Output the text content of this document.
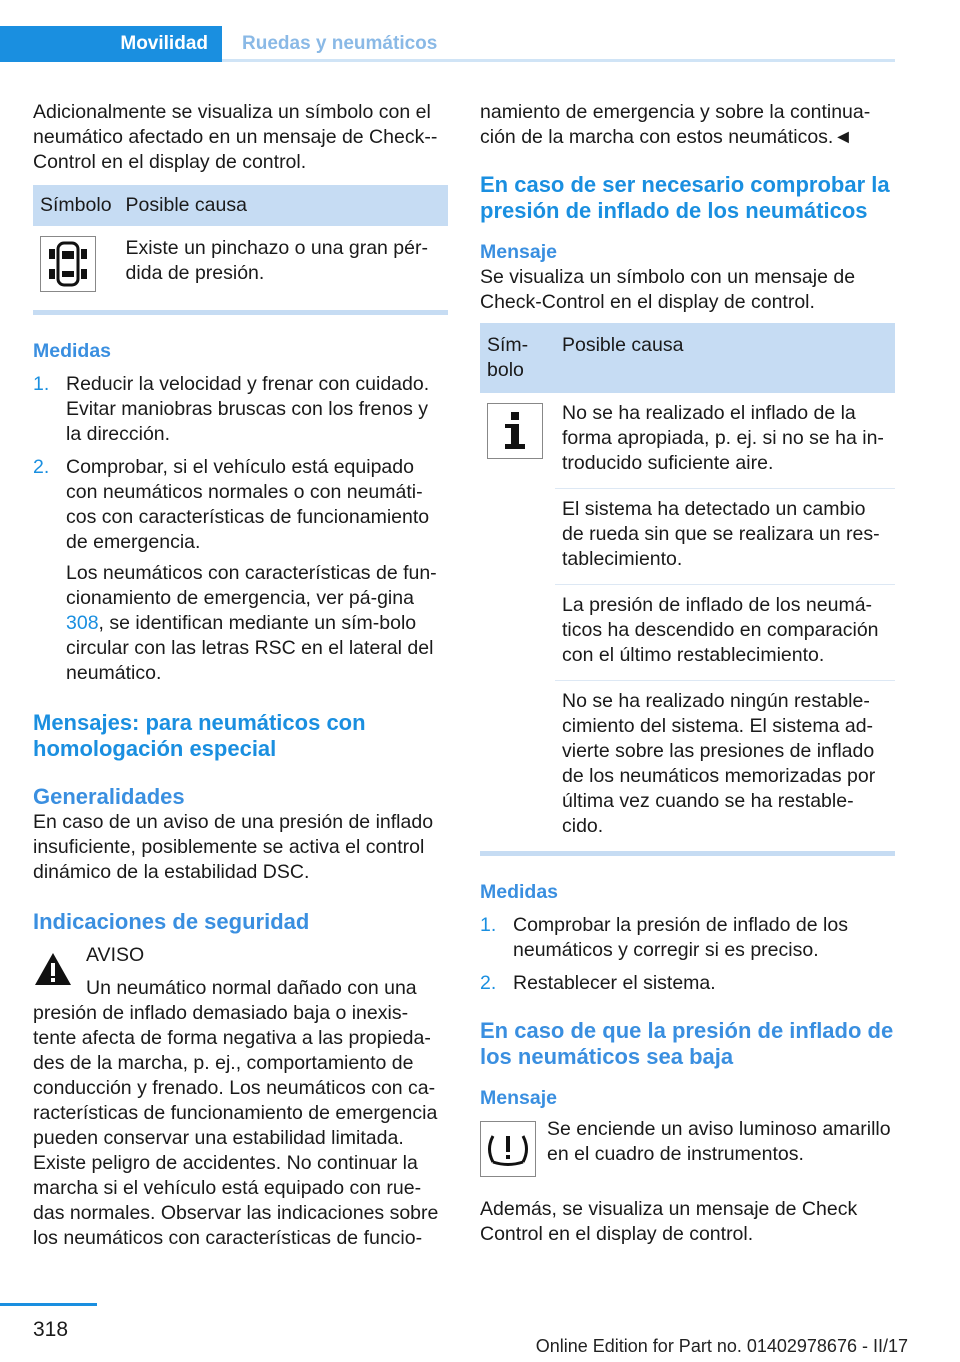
Movilidad	Ruedas y neumáticos

Adicionalmente se visualiza un símbolo con el neumático afectado en un mensaje de Check--Control en el display de control.

Símbolo	Posible causa

	Existe un pinchazo o una gran pér-dida de presión.
Medidas
1. Reducir la velocidad y frenar con cuidado. Evitar maniobras bruscas con los frenos y la dirección.
2. Comprobar, si el vehículo está equipado con neumáticos normales o con neumáti-cos con características de funcionamiento de emergencia.

Los neumáticos con características de fun-cionamiento de emergencia, ver pá-gina 308, se identifican mediante un sím-bolo circular con las letras RSC en el lateral del neumático.

Mensajes: para neumáticos con homologación especial
Generalidades

En caso de un aviso de una presión de inflado insuficiente, posiblemente se activa el control dinámico de la estabilidad DSC.

Indicaciones de seguridad

AVISO

Un neumático normal dañado con una

presión de inflado demasiado baja o inexis-tente afecta de forma negativa a las propieda-des de la marcha, p. ej., comportamiento de conducción y frenado. Los neumáticos con ca-racterísticas de funcionamiento de emergencia pueden conservar una estabilidad limitada. Existe peligro de accidentes. No continuar la marcha si el vehículo está equipado con rue-das normales. Observar las indicaciones sobre los neumáticos con características de funcio-

namiento de emergencia y sobre la continua-ción de la marcha con estos neumáticos.◄

En caso de ser necesario comprobar la presión de inflado de los neumáticos
Mensaje

Se visualiza un símbolo con un mensaje de Check-Control en el display de control.

Sím-bolo	Posible causa

	No se ha realizado el inflado de la forma apropiada, p. ej. si no se ha in-troducido suficiente aire.
	El sistema ha detectado un cambio de rueda sin que se realizara un res-tablecimiento.
	La presión de inflado de los neumá-ticos ha descendido en comparación con el último restablecimiento.
	No se ha realizado ningún restable-cimiento del sistema. El sistema ad-vierte sobre las presiones de inflado de los neumáticos memorizadas por última vez cuando se ha restable-cido.
Medidas
1. Comprobar la presión de inflado de los neumáticos y corregir si es preciso.
2. Restablecer el sistema.
En caso de que la presión de inflado de los neumáticos sea baja
Mensaje

Se enciende un aviso luminoso amarillo en el cuadro de instrumentos.

Además, se visualiza un mensaje de Check Control en el display de control.

318
Online Edition for Part no. 01402978676 - II/17
